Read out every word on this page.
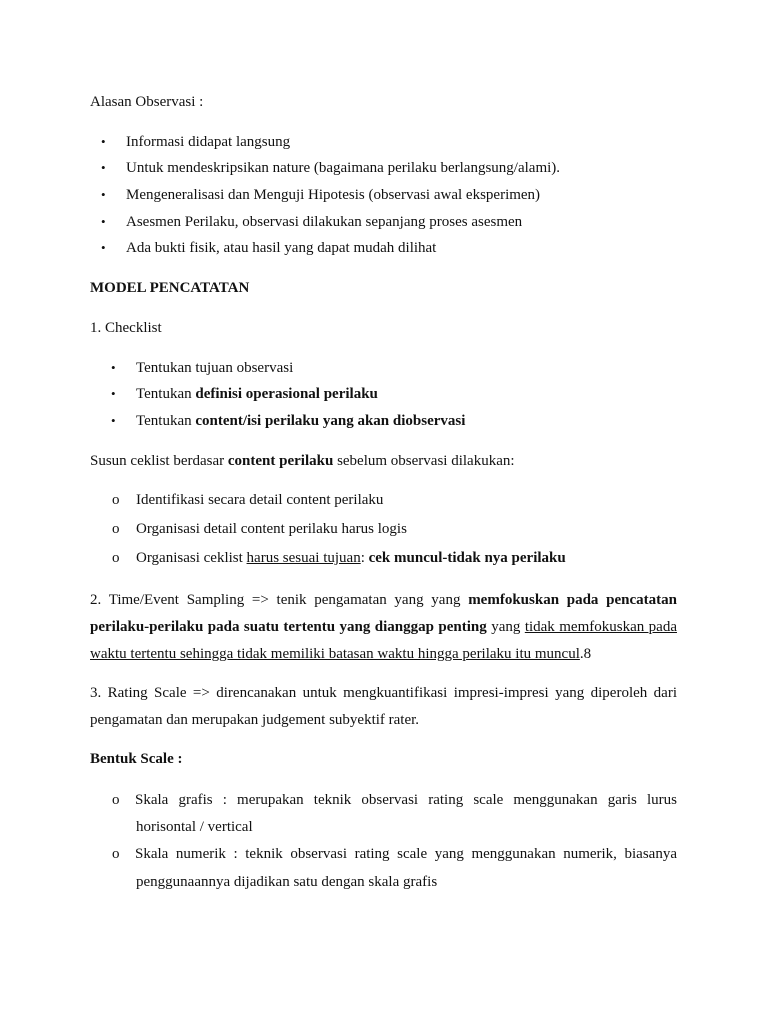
Alasan Observasi :
• Informasi didapat langsung
• Untuk mendeskripsikan nature (bagaimana perilaku berlangsung/alami).
• Mengeneralisasi dan Menguji Hipotesis (observasi awal eksperimen)
• Asesmen Perilaku, observasi dilakukan sepanjang proses asesmen
• Ada bukti fisik, atau hasil yang dapat mudah dilihat
MODEL PENCATATAN
1. Checklist
• Tentukan tujuan observasi
• Tentukan definisi operasional perilaku
• Tentukan content/isi perilaku yang akan diobservasi
Susun ceklist berdasar content perilaku sebelum observasi dilakukan:
o Identifikasi secara detail content perilaku
o Organisasi detail content perilaku harus logis
o Organisasi ceklist harus sesuai tujuan: cek muncul-tidak nya perilaku
2. Time/Event Sampling => tenik pengamatan yang yang memfokuskan pada pencatatan
perilaku-perilaku pada suatu tertentu yang dianggap penting yang tidak memfokuskan pada
waktu tertentu sehingga tidak memiliki batasan waktu hingga perilaku itu muncul.8
3. Rating Scale => direncanakan untuk mengkuantifikasi impresi-impresi yang diperoleh dari
pengamatan dan merupakan judgement subyektif rater.
Bentuk Scale :
o Skala grafis : merupakan teknik observasi rating scale menggunakan garis lurus
horisontal / vertical
o Skala numerik : teknik observasi rating scale yang menggunakan numerik, biasanya
penggunaannya dijadikan satu dengan skala grafis
